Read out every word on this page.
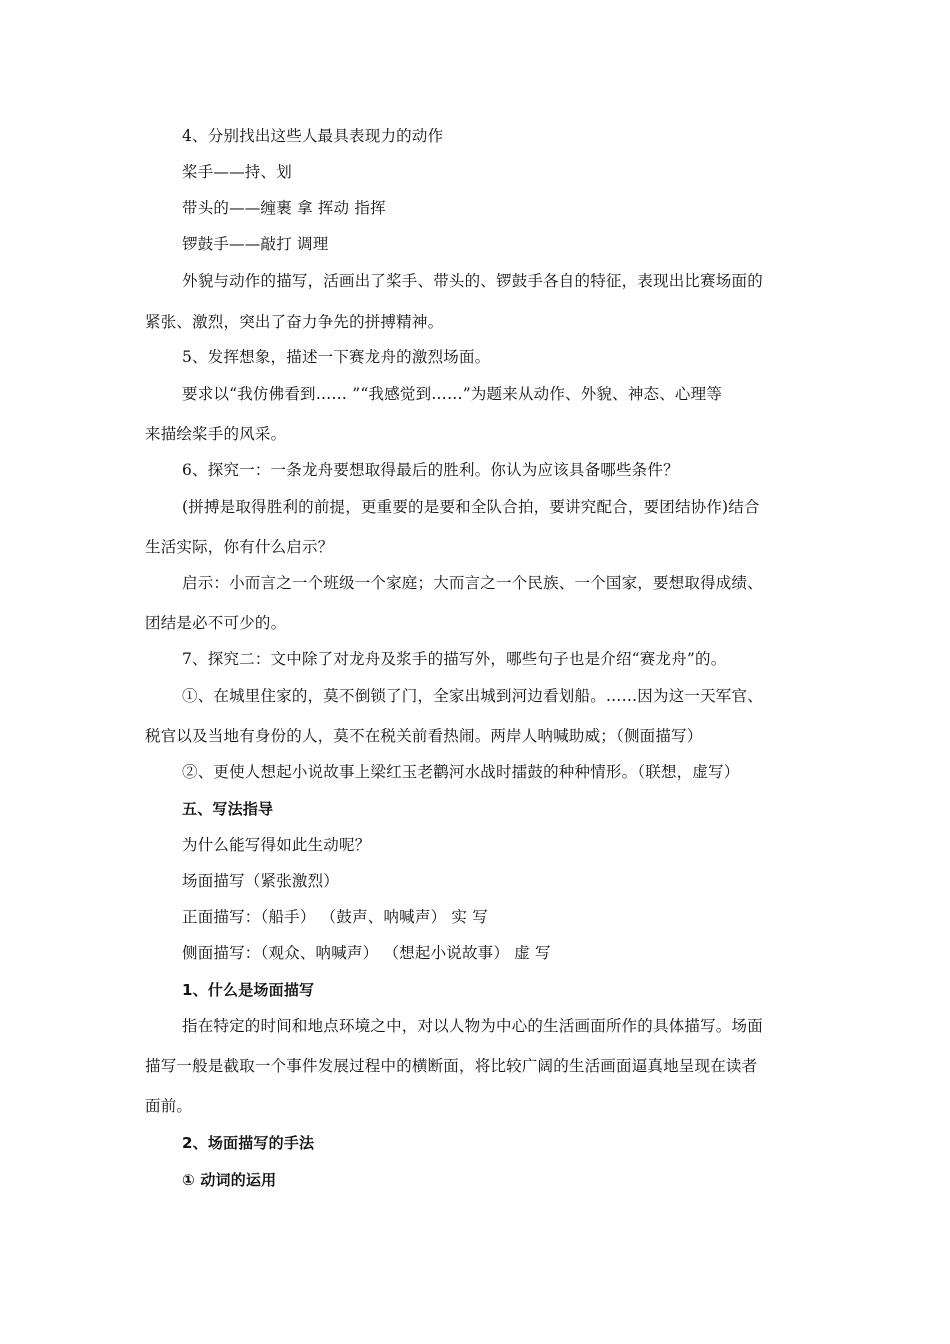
4、分别找出这些人最具表现力的动作
桨手——持、划
带头的——缠裹 拿 挥动 指挥
锣鼓手——敲打 调理
外貌与动作的描写，活画出了桨手、带头的、锣鼓手各自的特征，表现出比赛场面的
紧张、激烈，突出了奋力争先的拼搏精神。
5、发挥想象，描述一下赛龙舟的激烈场面。
要求以“我仿佛看到…… ”“我感觉到……”为题来从动作、外貌、神态、心理等
来描绘桨手的风采。
6、探究一：一条龙舟要想取得最后的胜利。你认为应该具备哪些条件？
(拼搏是取得胜利的前提，更重要的是要和全队合拍，要讲究配合，要团结协作)结合
生活实际，你有什么启示？
启示：小而言之一个班级一个家庭；大而言之一个民族、一个国家，要想取得成绩、
团结是必不可少的。
7、探究二：文中除了对龙舟及浆手的描写外，哪些句子也是介绍“赛龙舟”的。
①、在城里住家的，莫不倒锁了门，全家出城到河边看划船。……因为这一天军官、
税官以及当地有身份的人，莫不在税关前看热闹。两岸人呐喊助威；（侧面描写）
②、更使人想起小说故事上梁红玉老鹳河水战时擂鼓的种种情形。（联想，虚写）
五、写法指导
为什么能写得如此生动呢？
场面描写（紧张激烈）
正面描写：（船手） （鼓声、呐喊声） 实 写
侧面描写：（观众、呐喊声） （想起小说故事） 虚 写
1、什么是场面描写
指在特定的时间和地点环境之中，对以人物为中心的生活画面所作的具体描写。场面
描写一般是截取一个事件发展过程中的横断面，将比较广阔的生活画面逼真地呈现在读者
面前。
2、场面描写的手法
① 动词的运用
